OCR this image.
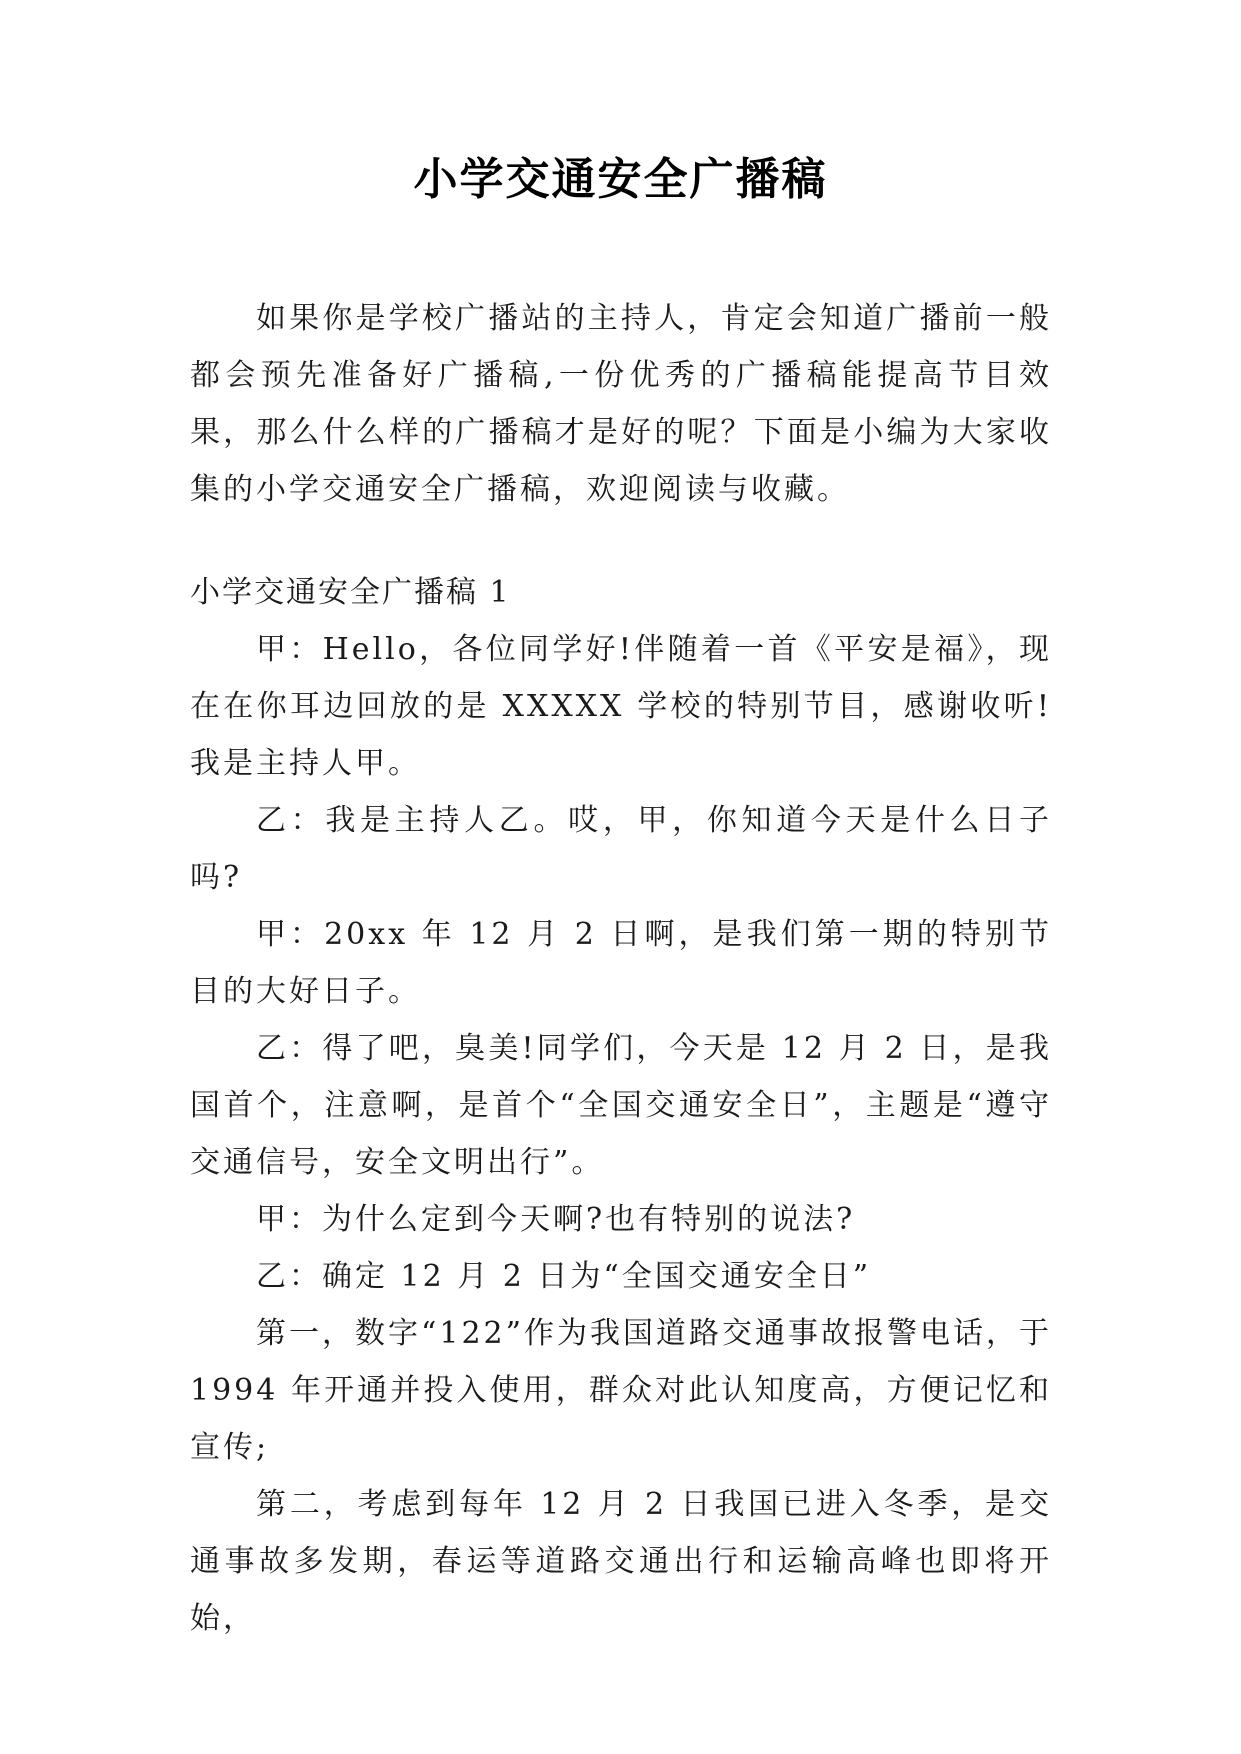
小学交通安全广播稿

如果你是学校广播站的主持人，肯定会知道广播前一般都会预先准备好广播稿,一份优秀的广播稿能提高节目效果，那么什么样的广播稿才是好的呢？下面是小编为大家收集的小学交通安全广播稿，欢迎阅读与收藏。

小学交通安全广播稿 1

甲：Hello，各位同学好!伴随着一首《平安是福》，现在在你耳边回放的是 XXXXX 学校的特别节目，感谢收听!我是主持人甲。

乙：我是主持人乙。哎，甲，你知道今天是什么日子吗?

甲：20xx 年 12 月 2 日啊，是我们第一期的特别节目的大好日子。

乙：得了吧，臭美!同学们，今天是 12 月 2 日，是我国首个，注意啊，是首个“全国交通安全日”，主题是“遵守交通信号，安全文明出行”。

甲：为什么定到今天啊?也有特别的说法?

乙：确定 12 月 2 日为“全国交通安全日”

第一，数字“122”作为我国道路交通事故报警电话，于 1994 年开通并投入使用，群众对此认知度高，方便记忆和宣传;

第二，考虑到每年 12 月 2 日我国已进入冬季，是交通事故多发期，春运等道路交通出行和运输高峰也即将开始，
